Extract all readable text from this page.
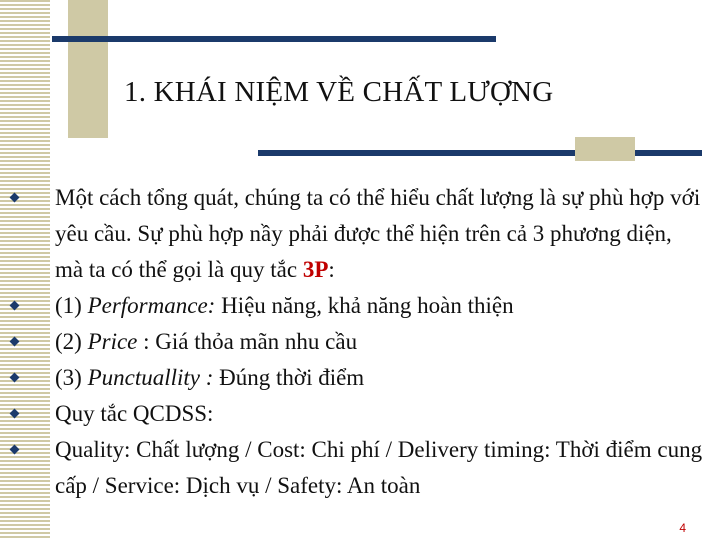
1. KHÁI NIỆM VỀ CHẤT LƯỢNG
Một cách tổng quát, chúng ta có thể hiểu chất lượng là sự phù hợp với yêu cầu. Sự phù hợp nầy phải được thể hiện trên cả 3 phương diện, mà ta có thể gọi là quy tắc 3P:
(1) Performance: Hiệu năng, khả năng hoàn thiện
(2) Price : Giá thỏa mãn nhu cầu
(3) Punctuallity : Đúng thời điểm
Quy tắc QCDSS:
Quality: Chất lượng / Cost: Chi phí / Delivery timing: Thời điểm cung cấp / Service: Dịch vụ / Safety: An toàn
4
